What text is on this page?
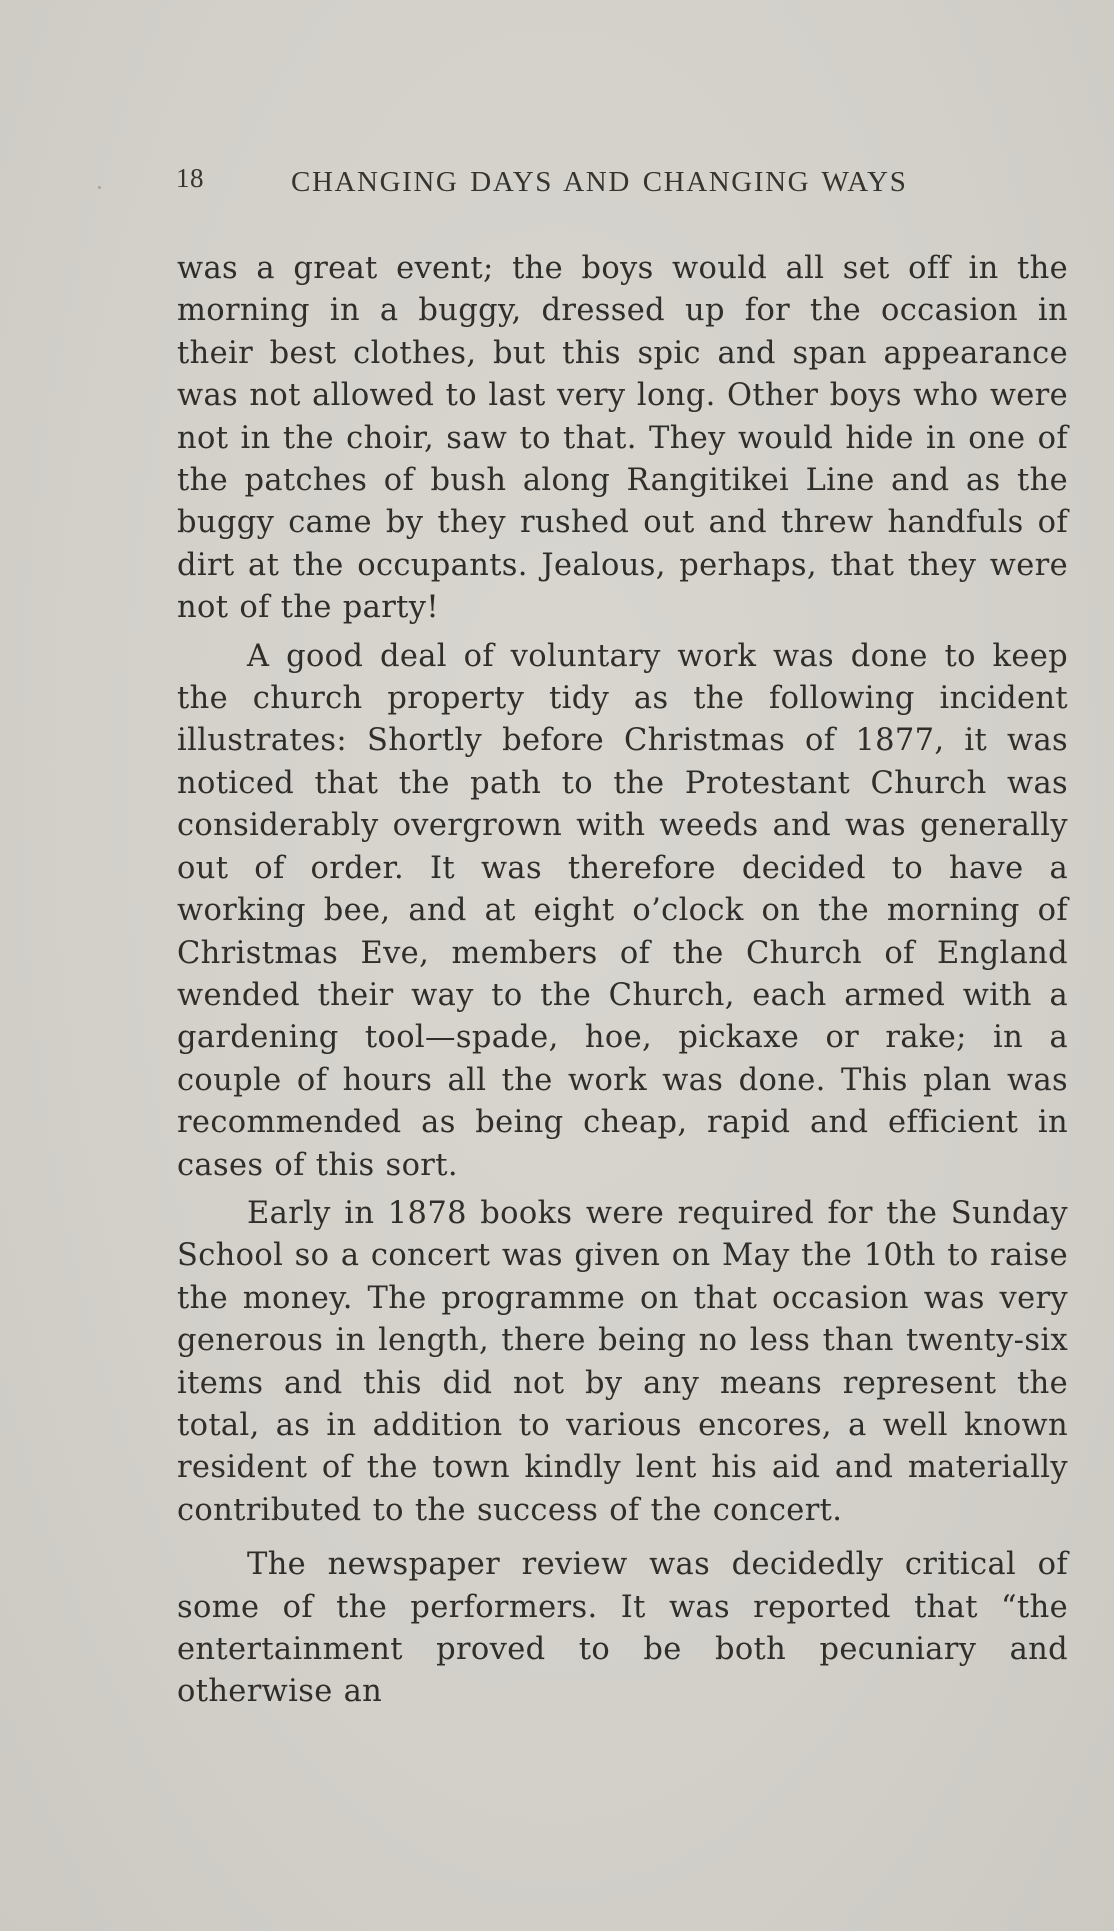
18	CHANGING DAYS AND CHANGING WAYS

was a great event; the boys would all set off in the morning in a buggy, dressed up for the occasion in their best clothes, but this spic and span appearance was not allowed to last very long. Other boys who were not in the choir, saw to that. They would hide in one of the patches of bush along Rangitikei Line and as the buggy came by they rushed out and threw handfuls of dirt at the occupants. Jealous, perhaps, that they were not of the party!

A good deal of voluntary work was done to keep the church property tidy as the following incident illustrates: Shortly before Christmas of 1877, it was noticed that the path to the Protestant Church was considerably overgrown with weeds and was generally out of order. It was therefore decided to have a working bee, and at eight o’clock on the morning of Christmas Eve, members of the Church of England wended their way to the Church, each armed with a gardening tool—spade, hoe, pickaxe or rake; in a couple of hours all the work was done. This plan was recommended as being cheap, rapid and efficient in cases of this sort.

Early in 1878 books were required for the Sunday School so a concert was given on May the 10th to raise the money. The programme on that occasion was very generous in length, there being no less than twenty-six items and this did not by any means represent the total, as in addition to various encores, a well known resident of the town kindly lent his aid and materially contributed to the success of the concert.

The newspaper review was decidedly critical of some of the performers. It was reported that “the entertainment proved to be both pecuniary and otherwise an
